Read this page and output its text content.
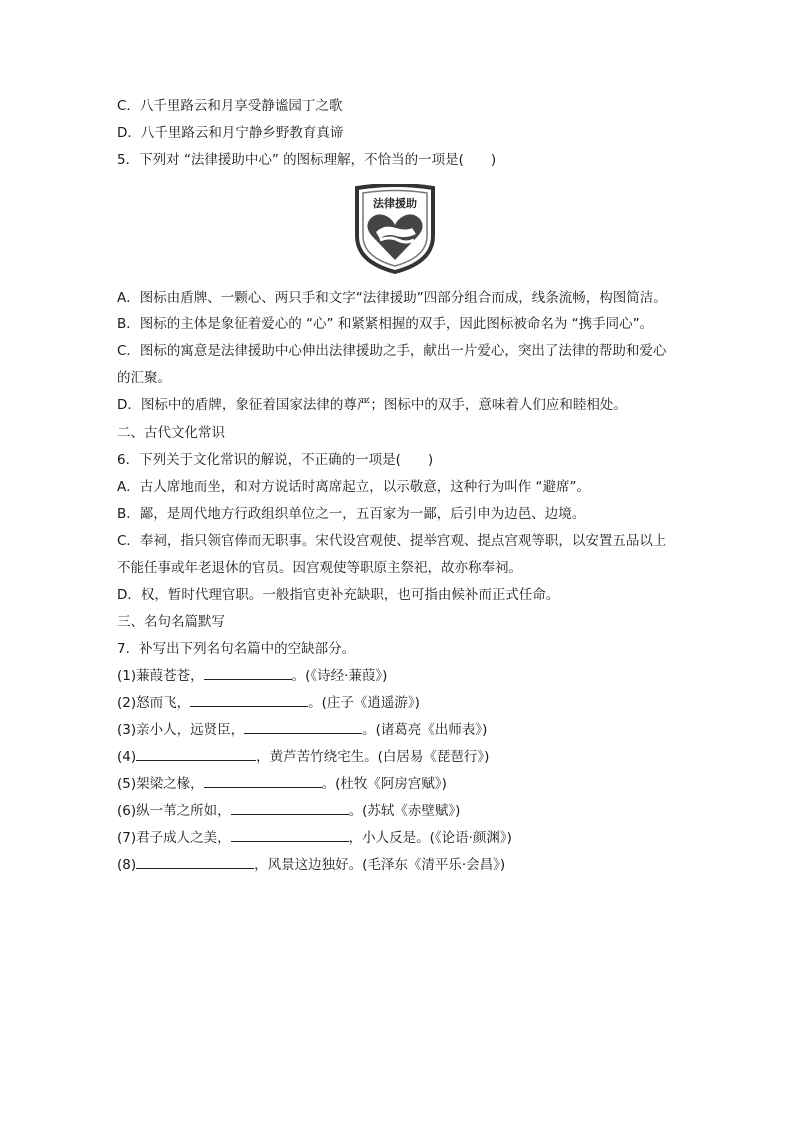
C．八千里路云和月享受静谧园丁之歌
D．八千里路云和月宁静乡野教育真谛
5．下列对 “法律援助中心” 的图标理解，不恰当的一项是(　　)
法律援助
A．图标由盾牌、一颗心、两只手和文字“法律援助”四部分组合而成，线条流畅，构图简洁。
B．图标的主体是象征着爱心的 “心” 和紧紧相握的双手，因此图标被命名为 “携手同心”。
C．图标的寓意是法律援助中心伸出法律援助之手，献出一片爱心，突出了法律的帮助和爱心
的汇聚。
D．图标中的盾牌，象征着国家法律的尊严；图标中的双手，意味着人们应和睦相处。
二、古代文化常识
6．下列关于文化常识的解说，不正确的一项是(　　)
A．古人席地而坐，和对方说话时离席起立，以示敬意，这种行为叫作 “避席”。
B．鄙，是周代地方行政组织单位之一，五百家为一鄙，后引申为边邑、边境。
C．奉祠，指只领官俸而无职事。宋代设宫观使、提举宫观、提点宫观等职，以安置五品以上
不能任事或年老退休的官员。因宫观使等职原主祭祀，故亦称奉祠。
D．权，暂时代理官职。一般指官吏补充缺职，也可指由候补而正式任命。
三、名句名篇默写
7．补写出下列名句名篇中的空缺部分。
(1)蒹葭苍苍，	。(《诗经·蒹葭》)
(2)怒而飞，	。(庄子《逍遥游》)
(3)亲小人，远贤臣，	。(诸葛亮《出师表》)
(4)	，黄芦苦竹绕宅生。(白居易《琵琶行》)
(5)架梁之椽，	。(杜牧《阿房宫赋》)
(6)纵一苇之所如，	。(苏轼《赤壁赋》)
(7)君子成人之美，	，小人反是。(《论语·颜渊》)
(8)	，风景这边独好。(毛泽东《清平乐·会昌》)
